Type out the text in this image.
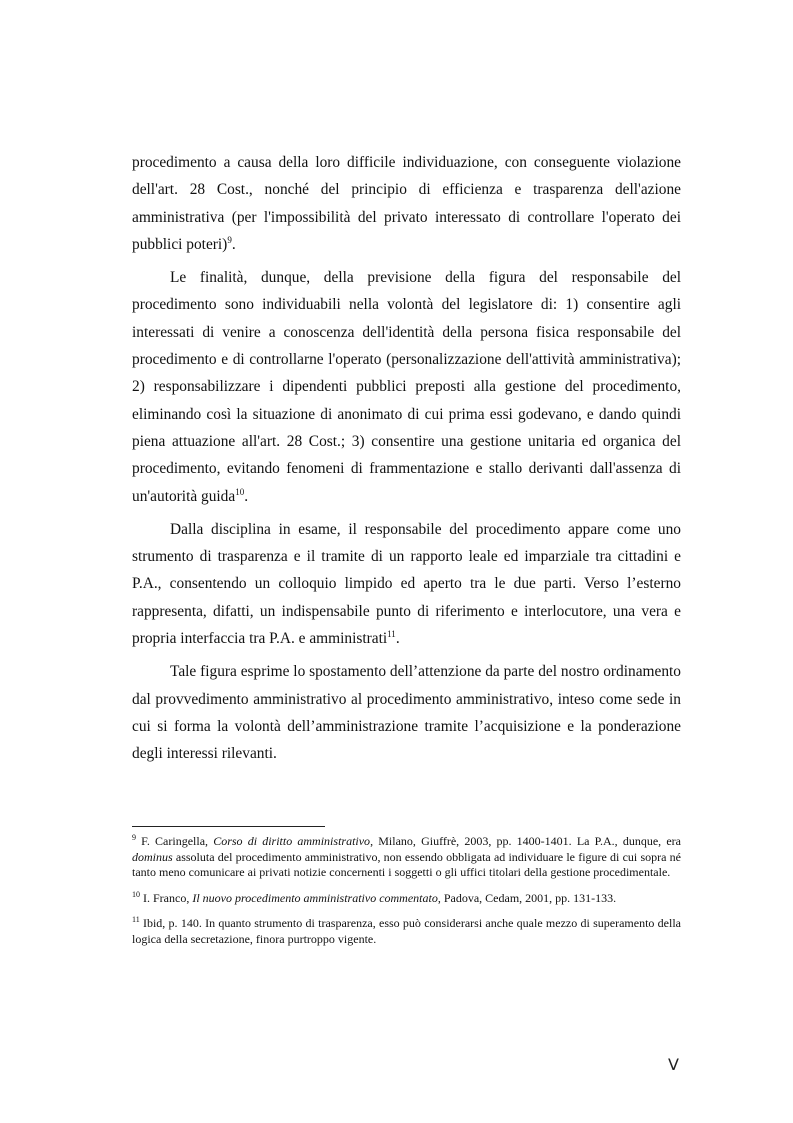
procedimento a causa della loro difficile individuazione, con conseguente violazione dell'art. 28 Cost., nonché del principio di efficienza e trasparenza dell'azione amministrativa (per l'impossibilità del privato interessato di controllare l'operato dei pubblici poteri)$^9$.

Le finalità, dunque, della previsione della figura del responsabile del procedimento sono individuabili nella volontà del legislatore di: 1) consentire agli interessati di venire a conoscenza dell'identità della persona fisica responsabile del procedimento e di controllarne l'operato (personalizzazione dell'attività amministrativa); 2) responsabilizzare i dipendenti pubblici preposti alla gestione del procedimento, eliminando così la situazione di anonimato di cui prima essi godevano, e dando quindi piena attuazione all'art. 28 Cost.; 3) consentire una gestione unitaria ed organica del procedimento, evitando fenomeni di frammentazione e stallo derivanti dall'assenza di un'autorità guida$^{10}$.

Dalla disciplina in esame, il responsabile del procedimento appare come uno strumento di trasparenza e il tramite di un rapporto leale ed imparziale tra cittadini e P.A., consentendo un colloquio limpido ed aperto tra le due parti. Verso l’esterno rappresenta, difatti, un indispensabile punto di riferimento e interlocutore, una vera e propria interfaccia tra P.A. e amministrati$^{11}$.

Tale figura esprime lo spostamento dell’attenzione da parte del nostro ordinamento dal provvedimento amministrativo al procedimento amministrativo, inteso come sede in cui si forma la volontà dell’amministrazione tramite l’acquisizione e la ponderazione degli interessi rilevanti.

$^9$ F. Caringella, Corso di diritto amministrativo, Milano, Giuffrè, 2003, pp. 1400-1401. La P.A., dunque, era dominus assoluta del procedimento amministrativo, non essendo obbligata ad individuare le figure di cui sopra né tanto meno comunicare ai privati notizie concernenti i soggetti o gli uffici titolari della gestione procedimentale.

$^{10}$ I. Franco, Il nuovo procedimento amministrativo commentato, Padova, Cedam, 2001, pp. 131-133.

$^{11}$ Ibid, p. 140. In quanto strumento di trasparenza, esso può considerarsi anche quale mezzo di superamento della logica della secretazione, finora purtroppo vigente.

V
